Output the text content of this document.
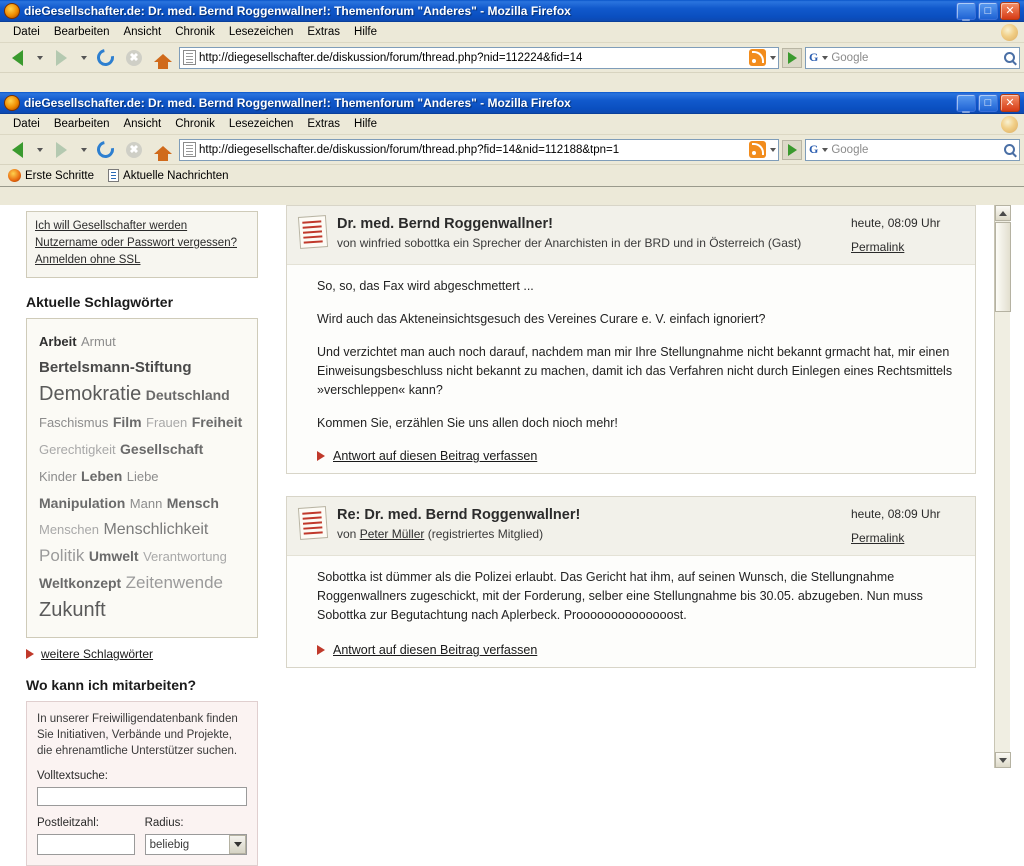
dieGesellschafter.de: Dr. med. Bernd Roggenwallner!: Themenforum "Anderes" - Mozilla Firefox	_	□	✕
Datei	Bearbeiten	Ansicht	Chronik	Lesezeichen	Extras	Hilfe
✖	http://diegesellschafter.de/diskussion/forum/thread.php?nid=112224&fid=14	G Google
dieGesellschafter.de: Dr. med. Bernd Roggenwallner!: Themenforum "Anderes" - Mozilla Firefox	_	□	✕
Datei	Bearbeiten	Ansicht	Chronik	Lesezeichen	Extras	Hilfe
✖	http://diegesellschafter.de/diskussion/forum/thread.php?fid=14&nid=112188&tpn=1	G Google
Erste Schritte	Aktuelle Nachrichten
Ich will Gesellschafter werden
Nutzername oder Passwort vergessen?
Anmelden ohne SSL
Aktuelle Schlagwörter
Arbeit Armut Bertelsmann-Stiftung Demokratie Deutschland Faschismus Film Frauen Freiheit Gerechtigkeit Gesellschaft Kinder Leben Liebe Manipulation Mann Mensch Menschen Menschlichkeit Politik Umwelt Verantwortung Weltkonzept Zeitenwende Zukunft
weitere Schlagwörter
Wo kann ich mitarbeiten?
In unserer Freiwilligendatenbank finden Sie Initiativen, Verbände und Projekte, die ehrenamtliche Unterstützer suchen.
Volltextsuche:
Postleitzahl:	Radius:
beliebig
Dr. med. Bernd Roggenwallner!
von winfried sobottka ein Sprecher der Anarchisten in der BRD und in Österreich (Gast)
heute, 08:09 Uhr
Permalink

So, so, das Fax wird abgeschmettert ...

Wird auch das Akteneinsichtsgesuch des Vereines Curare e. V. einfach ignoriert?

Und verzichtet man auch noch darauf, nachdem man mir Ihre Stellungnahme nicht bekannt grmacht hat, mir einen Einweisungsbeschluss nicht bekannt zu machen, damit ich das Verfahren nicht durch Einlegen eines Rechtsmittels »verschleppen« kann?

Kommen Sie, erzählen Sie uns allen doch nioch mehr!

Antwort auf diesen Beitrag verfassen
Re: Dr. med. Bernd Roggenwallner!
von Peter Müller (registriertes Mitglied)
heute, 08:09 Uhr
Permalink

Sobottka ist dümmer als die Polizei erlaubt. Das Gericht hat ihm, auf seinen Wunsch, die Stellungnahme Roggenwallners zugeschickt, mit der Forderung, selber eine Stellungnahme bis 30.05. abzugeben. Nun muss Sobottka zur Begutachtung nach Aplerbeck. Proooooooooooooost.

Antwort auf diesen Beitrag verfassen
